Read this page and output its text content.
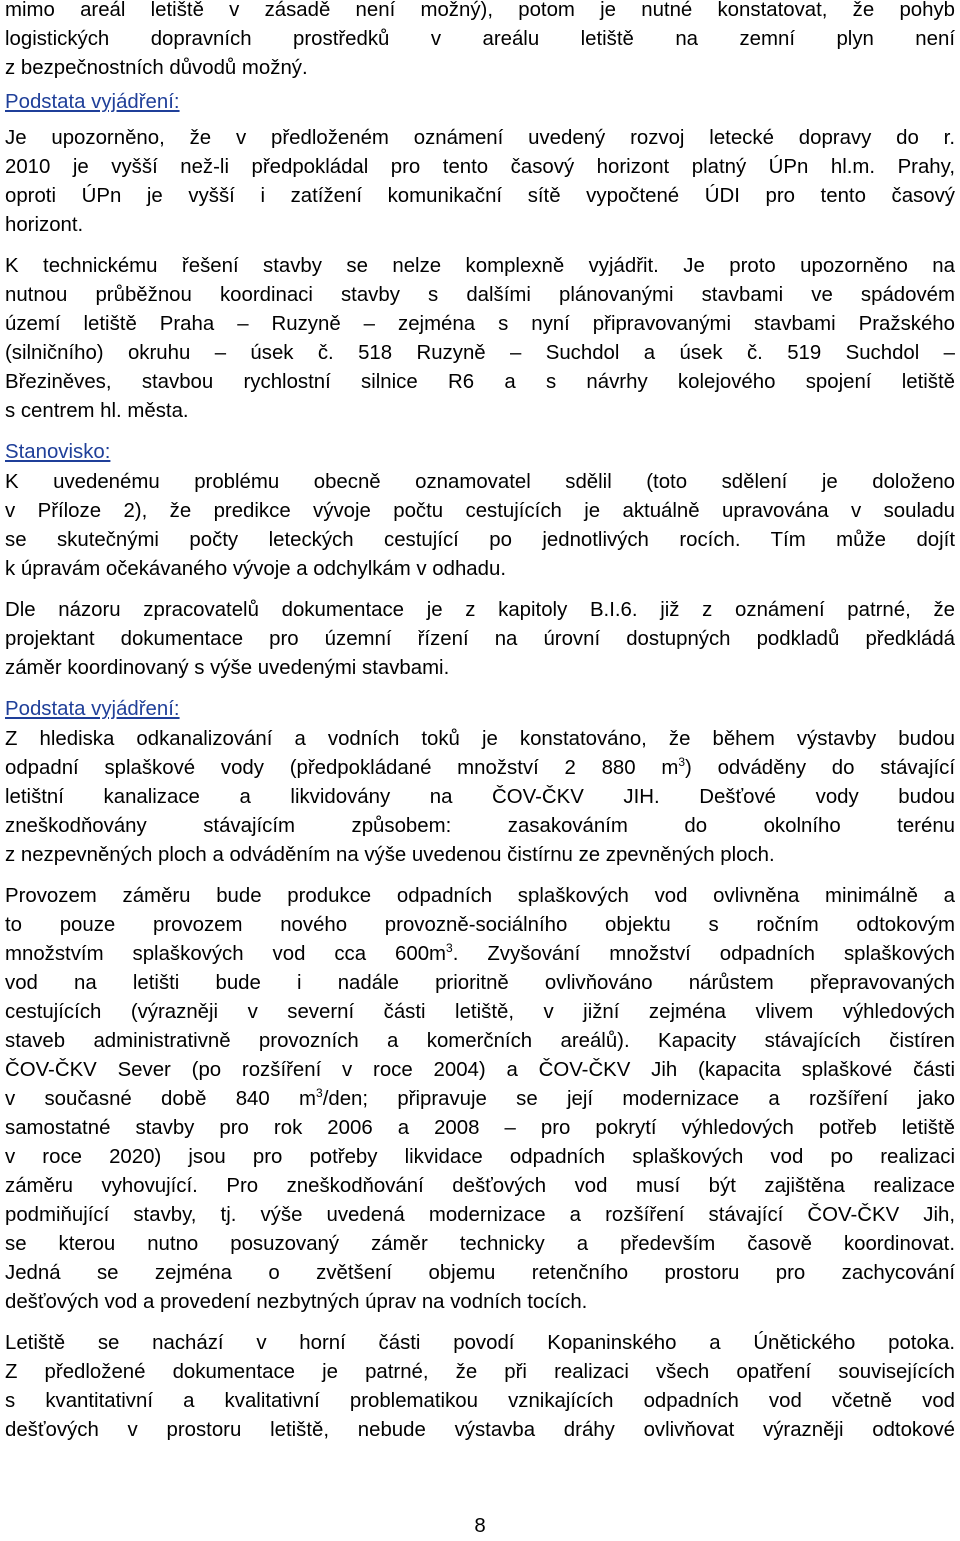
mimo areál letiště v zásadě není možný), potom je nutné konstatovat, že pohyb
logistických dopravních prostředků v areálu letiště na zemní plyn není
z bezpečnostních důvodů možný.
Podstata vyjádření:
Je upozorněno, že v předloženém oznámení uvedený rozvoj letecké dopravy do r.
2010 je vyšší než-li předpokládal pro tento časový horizont platný ÚPn hl.m. Prahy,
oproti ÚPn je vyšší i zatížení komunikační sítě vypočtené ÚDI pro tento časový
horizont.
K technickému řešení stavby se nelze komplexně vyjádřit. Je proto upozorněno na
nutnou průběžnou koordinaci stavby s dalšími plánovanými stavbami ve spádovém
území letiště Praha – Ruzyně – zejména s nyní připravovanými stavbami Pražského
(silničního) okruhu – úsek č. 518 Ruzyně – Suchdol a úsek č. 519 Suchdol –
Březiněves, stavbou rychlostní silnice R6 a s návrhy kolejového spojení letiště
s centrem hl. města.
Stanovisko:
K uvedenému problému obecně oznamovatel sdělil (toto sdělení je doloženo
v Příloze 2), že predikce vývoje počtu cestujících je aktuálně upravována v souladu
se skutečnými počty leteckých cestující po jednotlivých rocích. Tím může dojít
k úpravám očekávaného vývoje a odchylkám v odhadu.
Dle názoru zpracovatelů dokumentace je z kapitoly B.I.6. již z oznámení patrné, že
projektant dokumentace pro územní řízení na úrovní dostupných podkladů předkládá
záměr koordinovaný s výše uvedenými stavbami.
Podstata vyjádření:
Z hlediska odkanalizování a vodních toků je konstatováno, že během výstavby budou
odpadní splaškové vody (předpokládané množství 2 880 $m^3$) odváděny do stávající
letištní kanalizace a likvidovány na ČOV-ČKV JIH. Dešťové vody budou
zneškodňovány stávajícím způsobem: zasakováním do okolního terénu
z nezpevněných ploch a odváděním na výše uvedenou čistírnu ze zpevněných ploch.
Provozem záměru bude produkce odpadních splaškových vod ovlivněna minimálně a
to pouze provozem nového provozně-sociálního objektu s ročním odtokovým
množstvím splaškových vod cca $600m^3$. Zvyšování množství odpadních splaškových
vod na letišti bude i nadále prioritně ovlivňováno nárůstem přepravovaných
cestujících (výrazněji v severní části letiště, v jižní zejména vlivem výhledových
staveb administrativně provozních a komerčních areálů). Kapacity stávajících čistíren
ČOV-ČKV Sever (po rozšíření v roce 2004) a ČOV-ČKV Jih (kapacita splaškové části
v současné době 840 $m^3$/den; připravuje se její modernizace a rozšíření jako
samostatné stavby pro rok 2006 a 2008 – pro pokrytí výhledových potřeb letiště
v roce 2020) jsou pro potřeby likvidace odpadních splaškových vod po realizaci
záměru vyhovující. Pro zneškodňování dešťových vod musí být zajištěna realizace
podmiňující stavby, tj. výše uvedená modernizace a rozšíření stávající ČOV-ČKV Jih,
se kterou nutno posuzovaný záměr technicky a především časově koordinovat.
Jedná se zejména o zvětšení objemu retenčního prostoru pro zachycování
dešťových vod a provedení nezbytných úprav na vodních tocích.
Letiště se nachází v horní části povodí Kopaninského a Únětického potoka.
Z předložené dokumentace je patrné, že při realizaci všech opatření souvisejících
s kvantitativní a kvalitativní problematikou vznikajících odpadních vod včetně vod
dešťových v prostoru letiště, nebude výstavba dráhy ovlivňovat výrazněji odtokové
8
